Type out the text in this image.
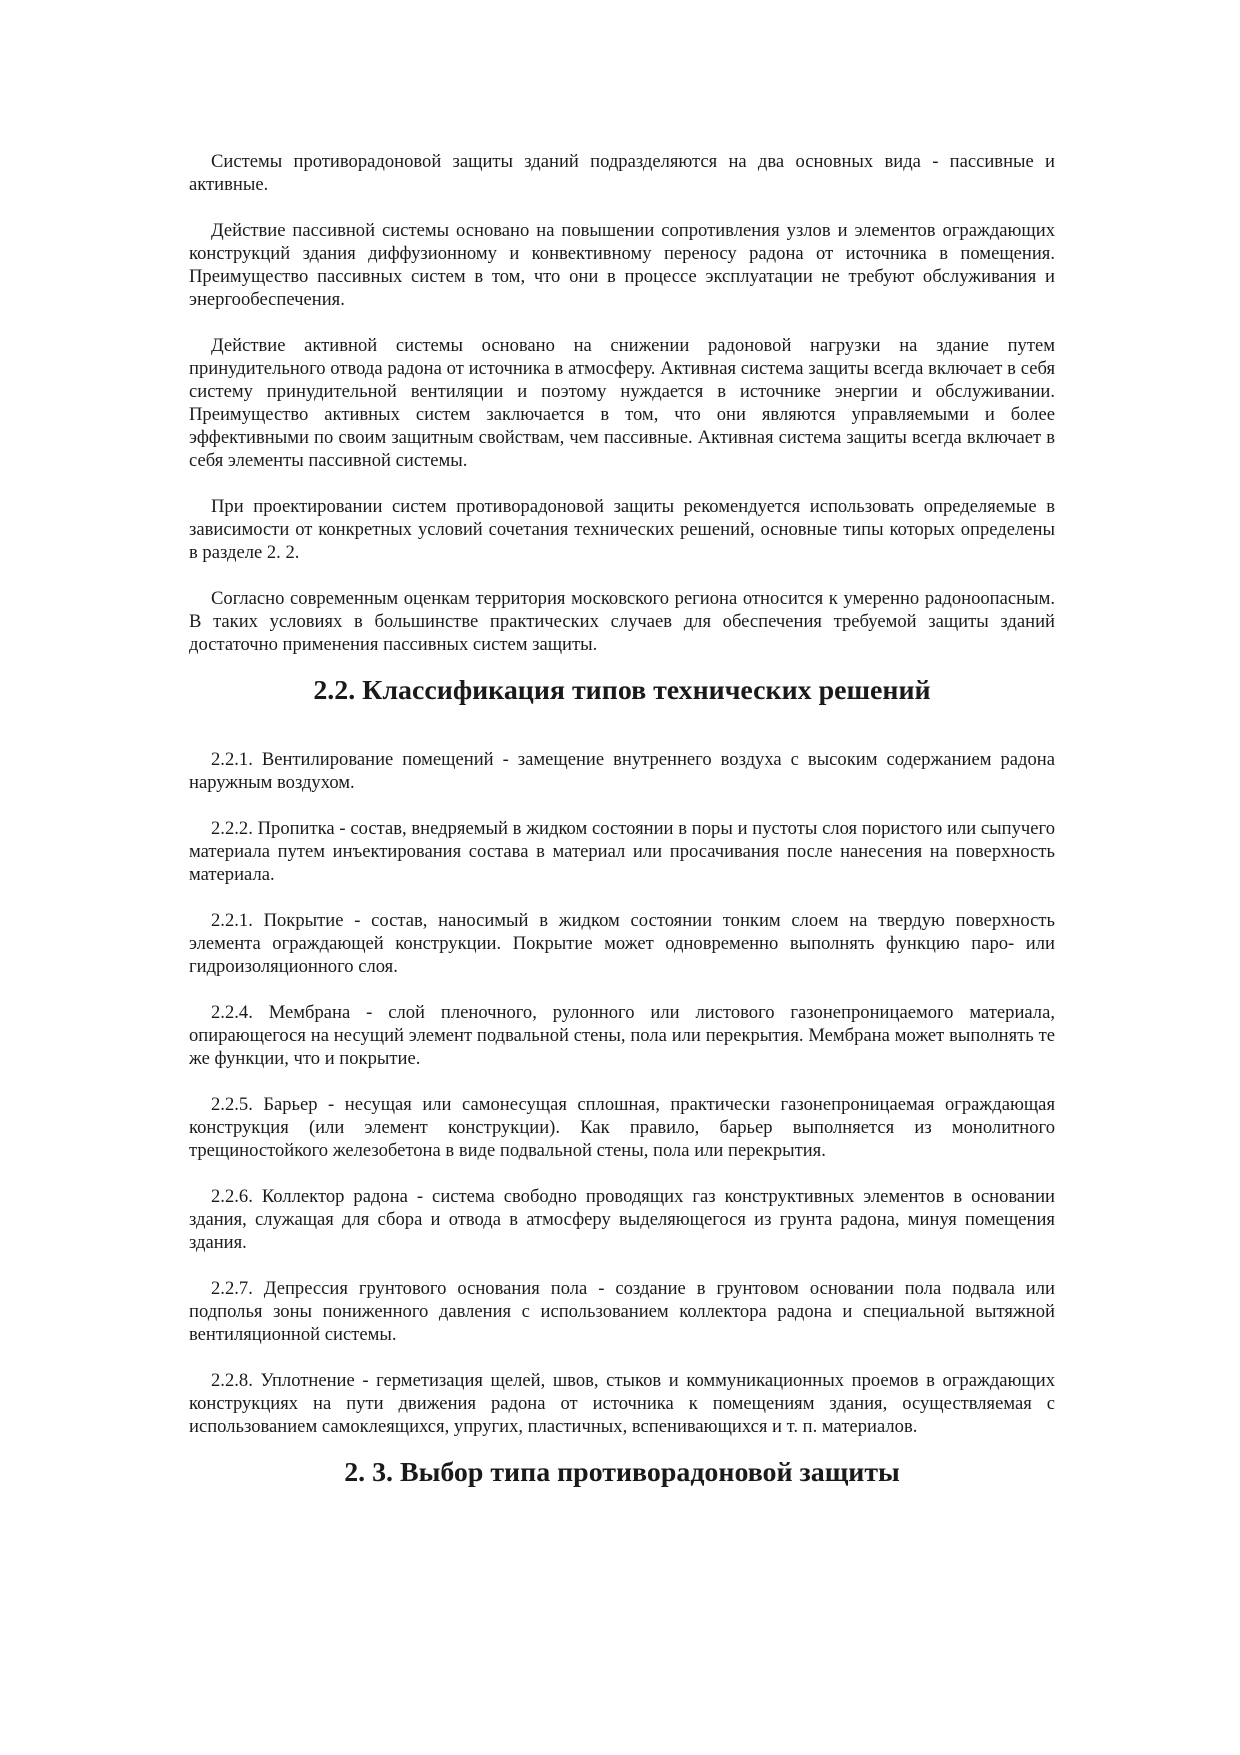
Системы противорадоновой защиты зданий подразделяются на два основных вида - пассивные и активные.

Действие пассивной системы основано на повышении сопротивления узлов и элементов ограждающих конструкций здания диффузионному и конвективному переносу радона от источника в помещения. Преимущество пассивных систем в том, что они в процессе эксплуатации не требуют обслуживания и энергообеспечения.

Действие активной системы основано на снижении радоновой нагрузки на здание путем принудительного отвода радона от источника в атмосферу. Активная система защиты всегда включает в себя систему принудительной вентиляции и поэтому нуждается в источнике энергии и обслуживании. Преимущество активных систем заключается в том, что они являются управляемыми и более эффективными по своим защитным свойствам, чем пассивные. Активная система защиты всегда включает в себя элементы пассивной системы.

При проектировании систем противорадоновой защиты рекомендуется использовать определяемые в зависимости от конкретных условий сочетания технических решений, основные типы которых определены в разделе 2. 2.

Согласно современным оценкам территория московского региона относится к умеренно радоноопасным. В таких условиях в большинстве практических случаев для обеспечения требуемой защиты зданий достаточно применения пассивных систем защиты.

2.2. Классификация типов технических решений

2.2.1. Вентилирование помещений - замещение внутреннего воздуха с высоким содержанием радона наружным воздухом.

2.2.2. Пропитка - состав, внедряемый в жидком состоянии в поры и пустоты слоя пористого или сыпучего материала путем инъектирования состава в материал или просачивания после нанесения на поверхность материала.

2.2.1. Покрытие - состав, наносимый в жидком состоянии тонким слоем на твердую поверхность элемента ограждающей конструкции. Покрытие может одновременно выполнять функцию паро- или гидроизоляционного слоя.

2.2.4. Мембрана - слой пленочного, рулонного или листового газонепроницаемого материала, опирающегося на несущий элемент подвальной стены, пола или перекрытия. Мембрана может выполнять те же функции, что и покрытие.

2.2.5. Барьер - несущая или самонесущая сплошная, практически газонепроницаемая ограждающая конструкция (или элемент конструкции). Как правило, барьер выполняется из монолитного трещиностойкого железобетона в виде подвальной стены, пола или перекрытия.

2.2.6. Коллектор радона - система свободно проводящих газ конструктивных элементов в основании здания, служащая для сбора и отвода в атмосферу выделяющегося из грунта радона, минуя помещения здания.

2.2.7. Депрессия грунтового основания пола - создание в грунтовом основании пола подвала или подполья зоны пониженного давления с использованием коллектора радона и специальной вытяжной вентиляционной системы.

2.2.8. Уплотнение - герметизация щелей, швов, стыков и коммуникационных проемов в ограждающих конструкциях на пути движения радона от источника к помещениям здания, осуществляемая с использованием самоклеящихся, упругих, пластичных, вспенивающихся и т. п. материалов.

2. 3. Выбор типа противорадоновой защиты
